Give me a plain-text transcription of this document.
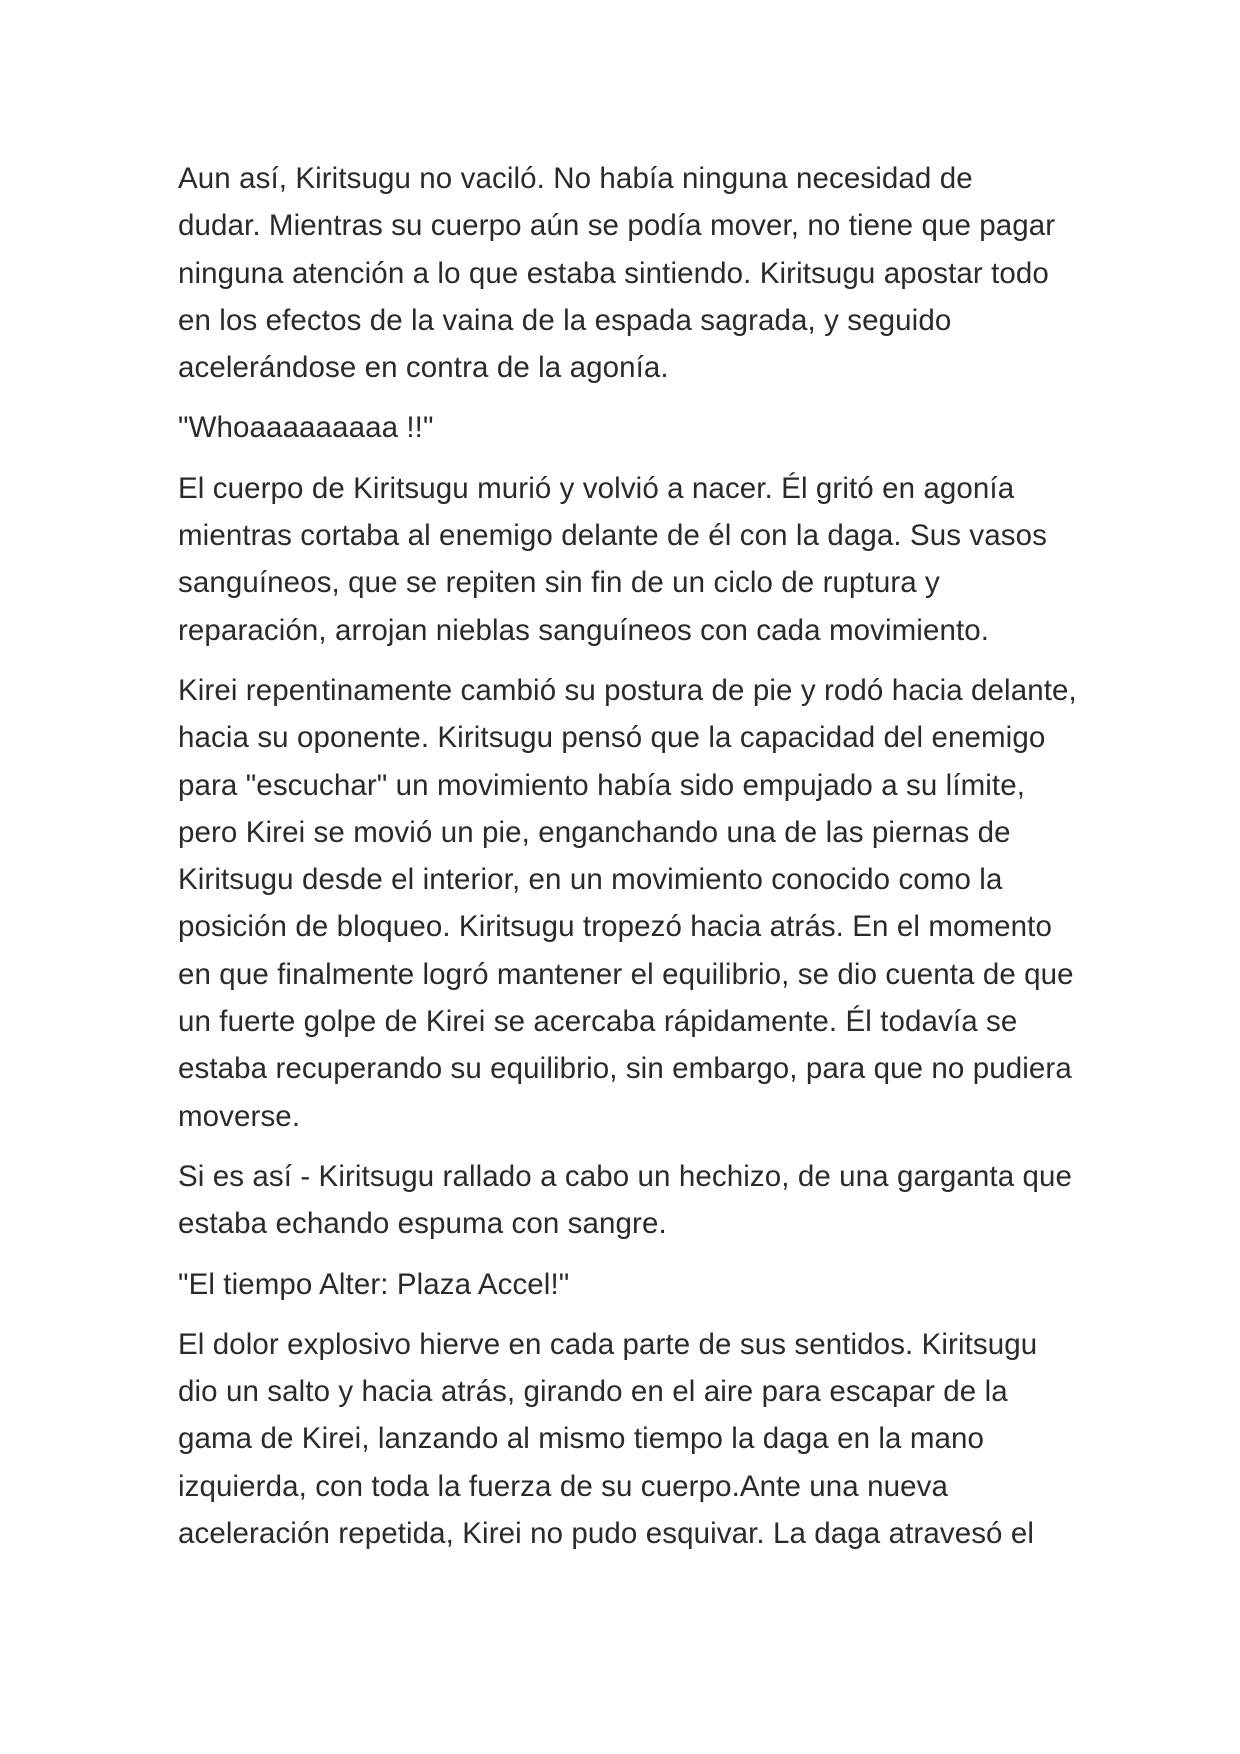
Aun así, Kiritsugu no vaciló. No había ninguna necesidad de
dudar. Mientras su cuerpo aún se podía mover, no tiene que pagar
ninguna atención a lo que estaba sintiendo. Kiritsugu apostar todo
en los efectos de la vaina de la espada sagrada, y seguido
acelerándose en contra de la agonía.

"Whoaaaaaaaaa !!"

El cuerpo de Kiritsugu murió y volvió a nacer. Él gritó en agonía
mientras cortaba al enemigo delante de él con la daga. Sus vasos
sanguíneos, que se repiten sin fin de un ciclo de ruptura y
reparación, arrojan nieblas sanguíneos con cada movimiento.

Kirei repentinamente cambió su postura de pie y rodó hacia delante,
hacia su oponente. Kiritsugu pensó que la capacidad del enemigo
para "escuchar" un movimiento había sido empujado a su límite,
pero Kirei se movió un pie, enganchando una de las piernas de
Kiritsugu desde el interior, en un movimiento conocido como la
posición de bloqueo. Kiritsugu tropezó hacia atrás. En el momento
en que finalmente logró mantener el equilibrio, se dio cuenta de que
un fuerte golpe de Kirei se acercaba rápidamente. Él todavía se
estaba recuperando su equilibrio, sin embargo, para que no pudiera
moverse.

Si es así - Kiritsugu rallado a cabo un hechizo, de una garganta que
estaba echando espuma con sangre.

"El tiempo Alter: Plaza Accel!"

El dolor explosivo hierve en cada parte de sus sentidos. Kiritsugu
dio un salto y hacia atrás, girando en el aire para escapar de la
gama de Kirei, lanzando al mismo tiempo la daga en la mano
izquierda, con toda la fuerza de su cuerpo.Ante una nueva
aceleración repetida, Kirei no pudo esquivar. La daga atravesó el
